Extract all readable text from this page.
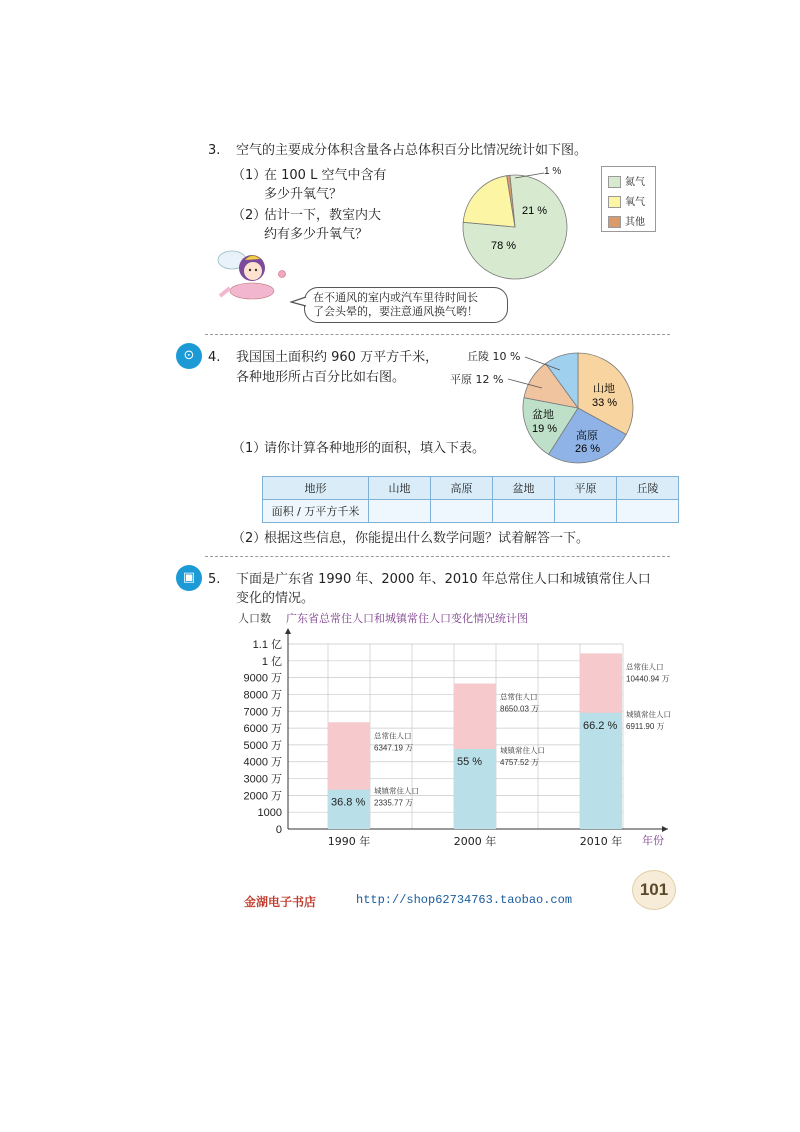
3. 空气的主要成分体积含量各占总体积百分比情况统计如下图。
（1）
在 100 L 空气中含有
多少升氧气？
（2）
估计一下，教室内大
约有多少升氧气？
78 %
21 %
1 %
氮气
氧气
其他
在不通风的室内或汽车里待时间长
了会头晕的，要注意通风换气哟！
⊙	4. 我国国土面积约 960 万平方千米，
各种地形所占百分比如右图。
山地
33 %
高原
26 %
盆地
19 %
丘陵 10 %
平原 12 %
（1）
请你计算各种地形的面积，填入下表。
地形	山地	高原	盆地	平原	丘陵
面积 / 万平方千米					
（2）
根据这些信息，你能提出什么数学问题？试着解答一下。
▣ 5. 下面是广东省 1990 年、2000 年、2010 年总常住人口和城镇常住人口
变化的情况。
广东省总常住人口和城镇常住人口变化情况统计图
人口数
0
1000
2000 万
3000 万
4000 万
5000 万
6000 万
7000 万
8000 万
9000 万
1 亿
1.1 亿
年份
36.8 %
总常住人口
6347.19 万
城镇常住人口
2335.77 万
1990 年
55 %
总常住人口
8650.03 万
城镇常住人口
4757.52 万
2000 年
66.2 %
总常住人口
10440.94 万
城镇常住人口
6911.90 万
2010 年
金湖电子书店	http://shop62734763.taobao.com
101
